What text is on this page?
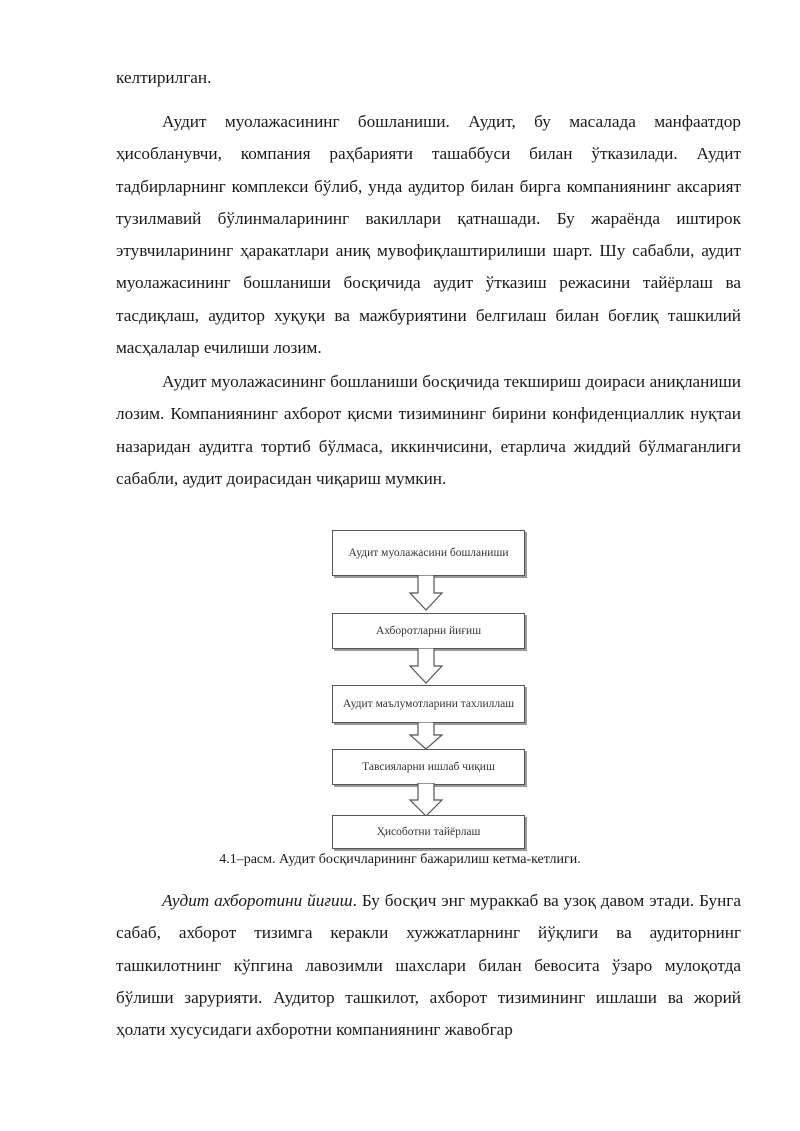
келтирилган.

Аудит муолажасининг бошланиши. Аудит, бу масалада манфаатдор ҳисобланувчи, компания раҳбарияти ташаббуси билан ўтказилади. Аудит тадбирларнинг комплекси бўлиб, унда аудитор билан бирга компаниянинг аксарият тузилмавий бўлинмаларининг вакиллари қатнашади. Бу жараёнда иштирок этувчиларининг ҳаракатлари аниқ мувофиқлаштирилиши шарт. Шу сабабли, аудит муолажасининг бошланиши босқичида аудит ўтказиш режасини тайёрлаш ва тасдиқлаш, аудитор хуқуқи ва мажбуриятини белгилаш билан боғлиқ ташкилий масҳалалар ечилиши лозим.

Аудит муолажасининг бошланиши босқичида текшириш доираси аниқланиши лозим. Компаниянинг ахборот қисми тизимининг бирини конфиденциаллик нуқтаи назаридан аудитга тортиб бўлмаса, иккинчисини, етарлича жиддий бўлмаганлиги сабабли, аудит доирасидан чиқариш мумкин.

Аудит муолажасини бошланиши
Ахборотларни йиғиш
Аудит маълумотларини тахлиллаш
Тавсияларни ишлаб чиқиш
Ҳисоботни тайёрлаш

4.1–расм. Аудит босқичларининг бажарилиш кетма-кетлиги.

Аудит ахборотини йиғиш. Бу босқич энг мураккаб ва узоқ давом этади. Бунга сабаб, ахборот тизимга керакли хужжатларнинг йўқлиги ва аудиторнинг ташкилотнинг кўпгина лавозимли шахслари билан бевосита ўзаро мулоқотда бўлиши зарурияти. Аудитор ташкилот, ахборот тизимининг ишлаши ва жорий ҳолати хусусидаги ахборотни компаниянинг жавобгар
